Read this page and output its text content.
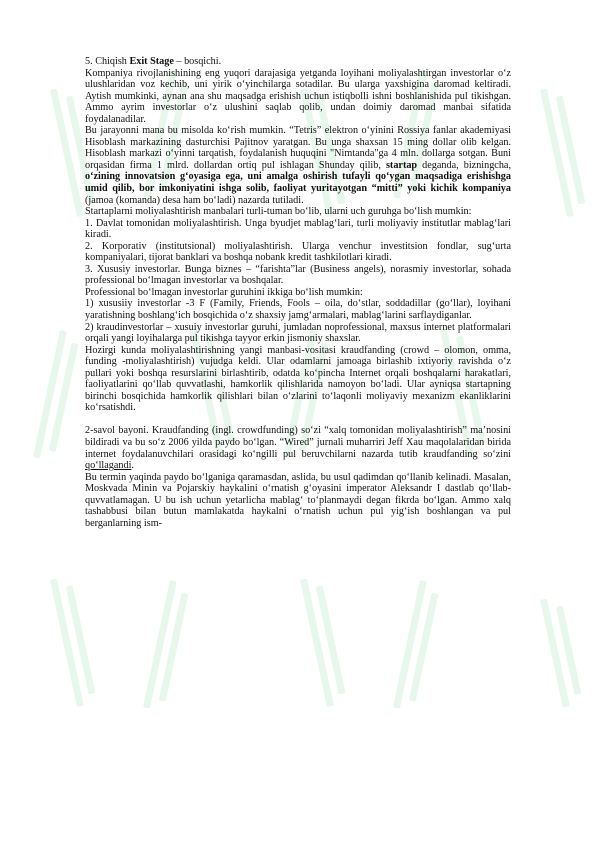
5. Chiqish Exit Stage – bosqichi.

Kompaniya rivojlanishining eng yuqori darajasiga yetganda loyihani moliyalashtirgan investorlar o‘z ulushlaridan voz kechib, uni yirik o‘yinchilarga sotadilar. Bu ularga yaxshigina daromad keltiradi. Aytish mumkinki, aynan ana shu maqsadga erishish uchun istiqbolli ishni boshlanishida pul tikishgan. Ammo ayrim investorlar o‘z ulushini saqlab qolib, undan doimiy daromad manbai sifatida foydalanadilar.

Bu jarayonni mana bu misolda ko‘rish mumkin. “Tetris” elektron o‘yinini Rossiya fanlar akademiyasi Hisoblash markazining dasturchisi Pajitnov yaratgan. Bu unga shaxsan 15 ming dollar olib kelgan. Hisoblash markazi o‘yinni tarqatish, foydalanish huquqini "Nimtanda"ga 4 mln. dollarga sotgan. Buni orqasidan firma 1 mlrd. dollardan ortiq pul ishlagan Shunday qilib, startap deganda, bizningcha, o‘zining innovatsion g‘oyasiga ega, uni amalga oshirish tufayli qo‘ygan maqsadiga erishishga umid qilib, bor imkoniyatini ishga solib, faoliyat yuritayotgan “mitti” yoki kichik kompaniya (jamoa (komanda) desa ham bo‘ladi) nazarda tutiladi.

Startaplarni moliyalashtirish manbalari turli-tuman bo‘lib, ularni uch guruhga bo‘lish mumkin:

1. Davlat tomonidan moliyalashtirish. Unga byudjet mablag‘lari, turli moliyaviy institutlar mablag‘lari kiradi.

2. Korporativ (institutsional) moliyalashtirish. Ularga venchur investitsion fondlar, sug‘urta kompaniyalari, tijorat banklari va boshqa nobank kredit tashkilotlari kiradi.

3. Xususiy investorlar. Bunga biznes – “farishta”lar (Business angels), norasmiy investorlar, sohada professional bo‘lmagan investorlar va boshqalar.

Professional bo‘lmagan investorlar guruhini ikkiga bo‘lish mumkin:

1) xususiiy investorlar -3 F (Family, Friends, Fools – oila, do‘stlar, soddadillar (go‘llar), loyihani yaratishning boshlang‘ich bosqichida o‘z shaxsiy jamg‘armalari, mablag‘larini sarflaydiganlar.

2) kraudinvestorlar – xusuiy investorlar guruhi, jumladan noprofessional, maxsus internet platformalari orqali yangi loyihalarga pul tikishga tayyor erkin jismoniy shaxslar.

Hozirgi kunda moliyalashtirishning yangi manbasi-vositasi kraudfanding (crowd – olomon, omma, funding -moliyalashtirish) vujudga keldi. Ular odamlarni jamoaga birlashib ixtiyoriy ravishda o‘z pullari yoki boshqa resurslarini birlashtirib, odatda ko‘pincha Internet orqali boshqalarni harakatlari, faoliyatlarini qo‘llab quvvatlashi, hamkorlik qilishlarida namoyon bo‘ladi. Ular ayniqsa startapning birinchi bosqichida hamkorlik qilishlari bilan o‘zlarini to‘laqonli moliyaviy mexanizm ekanliklarini ko‘rsatishdi.

2-savol bayoni. Kraudfanding (ingl. crowdfunding) so‘zi “xalq tomonidan moliyalashtirish” ma’nosini bildiradi va bu so‘z 2006 yilda paydo bo‘lgan. “Wired” jurnali muharriri Jeff Xau maqolalaridan birida internet foydalanuvchilari orasidagi ko‘ngilli pul beruvchilarni nazarda tutib kraudfanding so‘zini qo‘llagandi.

Bu termin yaqinda paydo bo‘lganiga qaramasdan, aslida, bu usul qadimdan qo‘llanib kelinadi. Masalan, Moskvada Minin va Pojarskiy haykalini o‘rnatish g‘oyasini imperator Aleksandr I dastlab qo‘llab-quvvatlamagan. U bu ish uchun yetarlicha mablag‘ to‘planmaydi degan fikrda bo‘lgan. Ammo xalq tashabbusi bilan butun mamlakatda haykalni o‘rnatish uchun pul yig‘ish boshlangan va pul berganlarning ism-
